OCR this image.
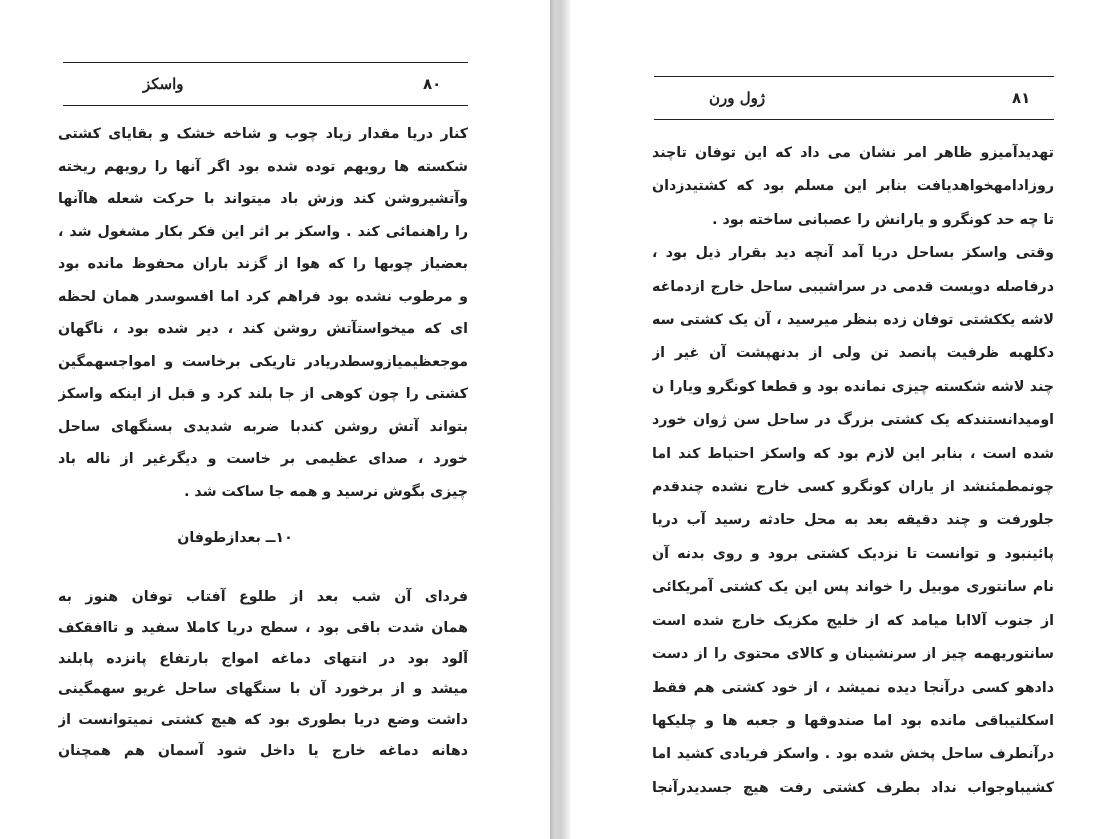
۸۰
واسکز
کنار دریا مقدار زیاد چوب و شاخه خشک و بقایای کشتی
شکسته ها رویهم توده شده بود اگر آنها را رویهم ریخته
وآتشیروشن کند وزش باد میتواند با حرکت شعله هاآنها
را راهنمائی کند . واسکز بر اثر این فکر بکار مشغول شد ،
بعضیاز چوبها را که هوا از گزند باران محفوظ مانده بود
و مرطوب نشده بود فراهم کرد اما افسوسدر همان لحظه
ای که میخواستآتش روشن کند ، دیر شده بود ، ناگهان
موجعظیمیازوسطدریادر تاریکی برخاست و امواجسهمگین
کشتی را چون کوهی از جا بلند کرد و قبل از اینکه واسکز
بتواند آتش روشن کندبا ضربه شدیدی بسنگهای ساحل
خورد ، صدای عظیمی بر خاست و دیگرغیر از ناله باد
چیزی بگوش نرسید و همه جا ساکت شد .
۱۰ــ بعدازطوفان
فردای آن شب بعد از طلوع آفتاب توفان هنوز به
همان شدت باقی بود ، سطح دریا کاملا سفید و تاافقکف
آلود بود در انتهای دماغه امواج بارتفاع پانزده پابلند
میشد و از برخورد آن با سنگهای ساحل غریو سهمگینی
داشت وضع دریا بطوری بود که هیچ کشتی نمیتوانست از
دهانه دماغه خارج یا داخل شود آسمان هم همچنان
۸۱
ژول ورن
تهدیدآمیزو ظاهر امر نشان می داد که این توفان تاچند
روزادامهخواهدیافت بنابر این مسلم بود که کشتیدزدان
تا چه حد کونگرو و یارانش را عصبانی ساخته بود .
وقتی واسکز بساحل دریا آمد آنچه دید بقرار ذیل بود ،
درفاصله دویست قدمی در سراشیبی ساحل خارج ازدماغه
لاشه یککشتی توفان زده بنظر میرسید ، آن یک کشتی سه
دکلهبه ظرفیت پانصد تن ولی از بدنهپشت آن غیر از
چند لاشه شکسته چیزی نمانده بود و قطعا کونگرو ویارا ن
اومیدانستندکه یک کشتی بزرگ در ساحل سن ژوان خورد
شده است ، بنابر این لازم بود که واسکز احتیاط کند اما
چونمطمئنشد از یاران کونگرو کسی خارج نشده چندقدم
جلورفت و چند دقیقه بعد به محل حادثه رسید آب دریا
پائینبود و توانست تا نزدیک کشتی برود و روی بدنه آن
نام سانتوری موبیل را خواند پس این یک کشتی آمریکائی
از جنوب آلاابا میامد که از خلیج مکزیک خارج شده است
سانتوریهمه چیز از سرنشینان و کالای محتوی را از دست
دادهو کسی درآنجا دیده نمیشد ، از خود کشتی هم فقط
اسکلتیباقی مانده بود اما صندوقها و جعبه ها و چلیکها
درآنطرف ساحل پخش شده بود . واسکز فریادی کشید اما
کشیباوجواب نداد بطرف کشتی رفت هیچ جسدیدرآنجا
